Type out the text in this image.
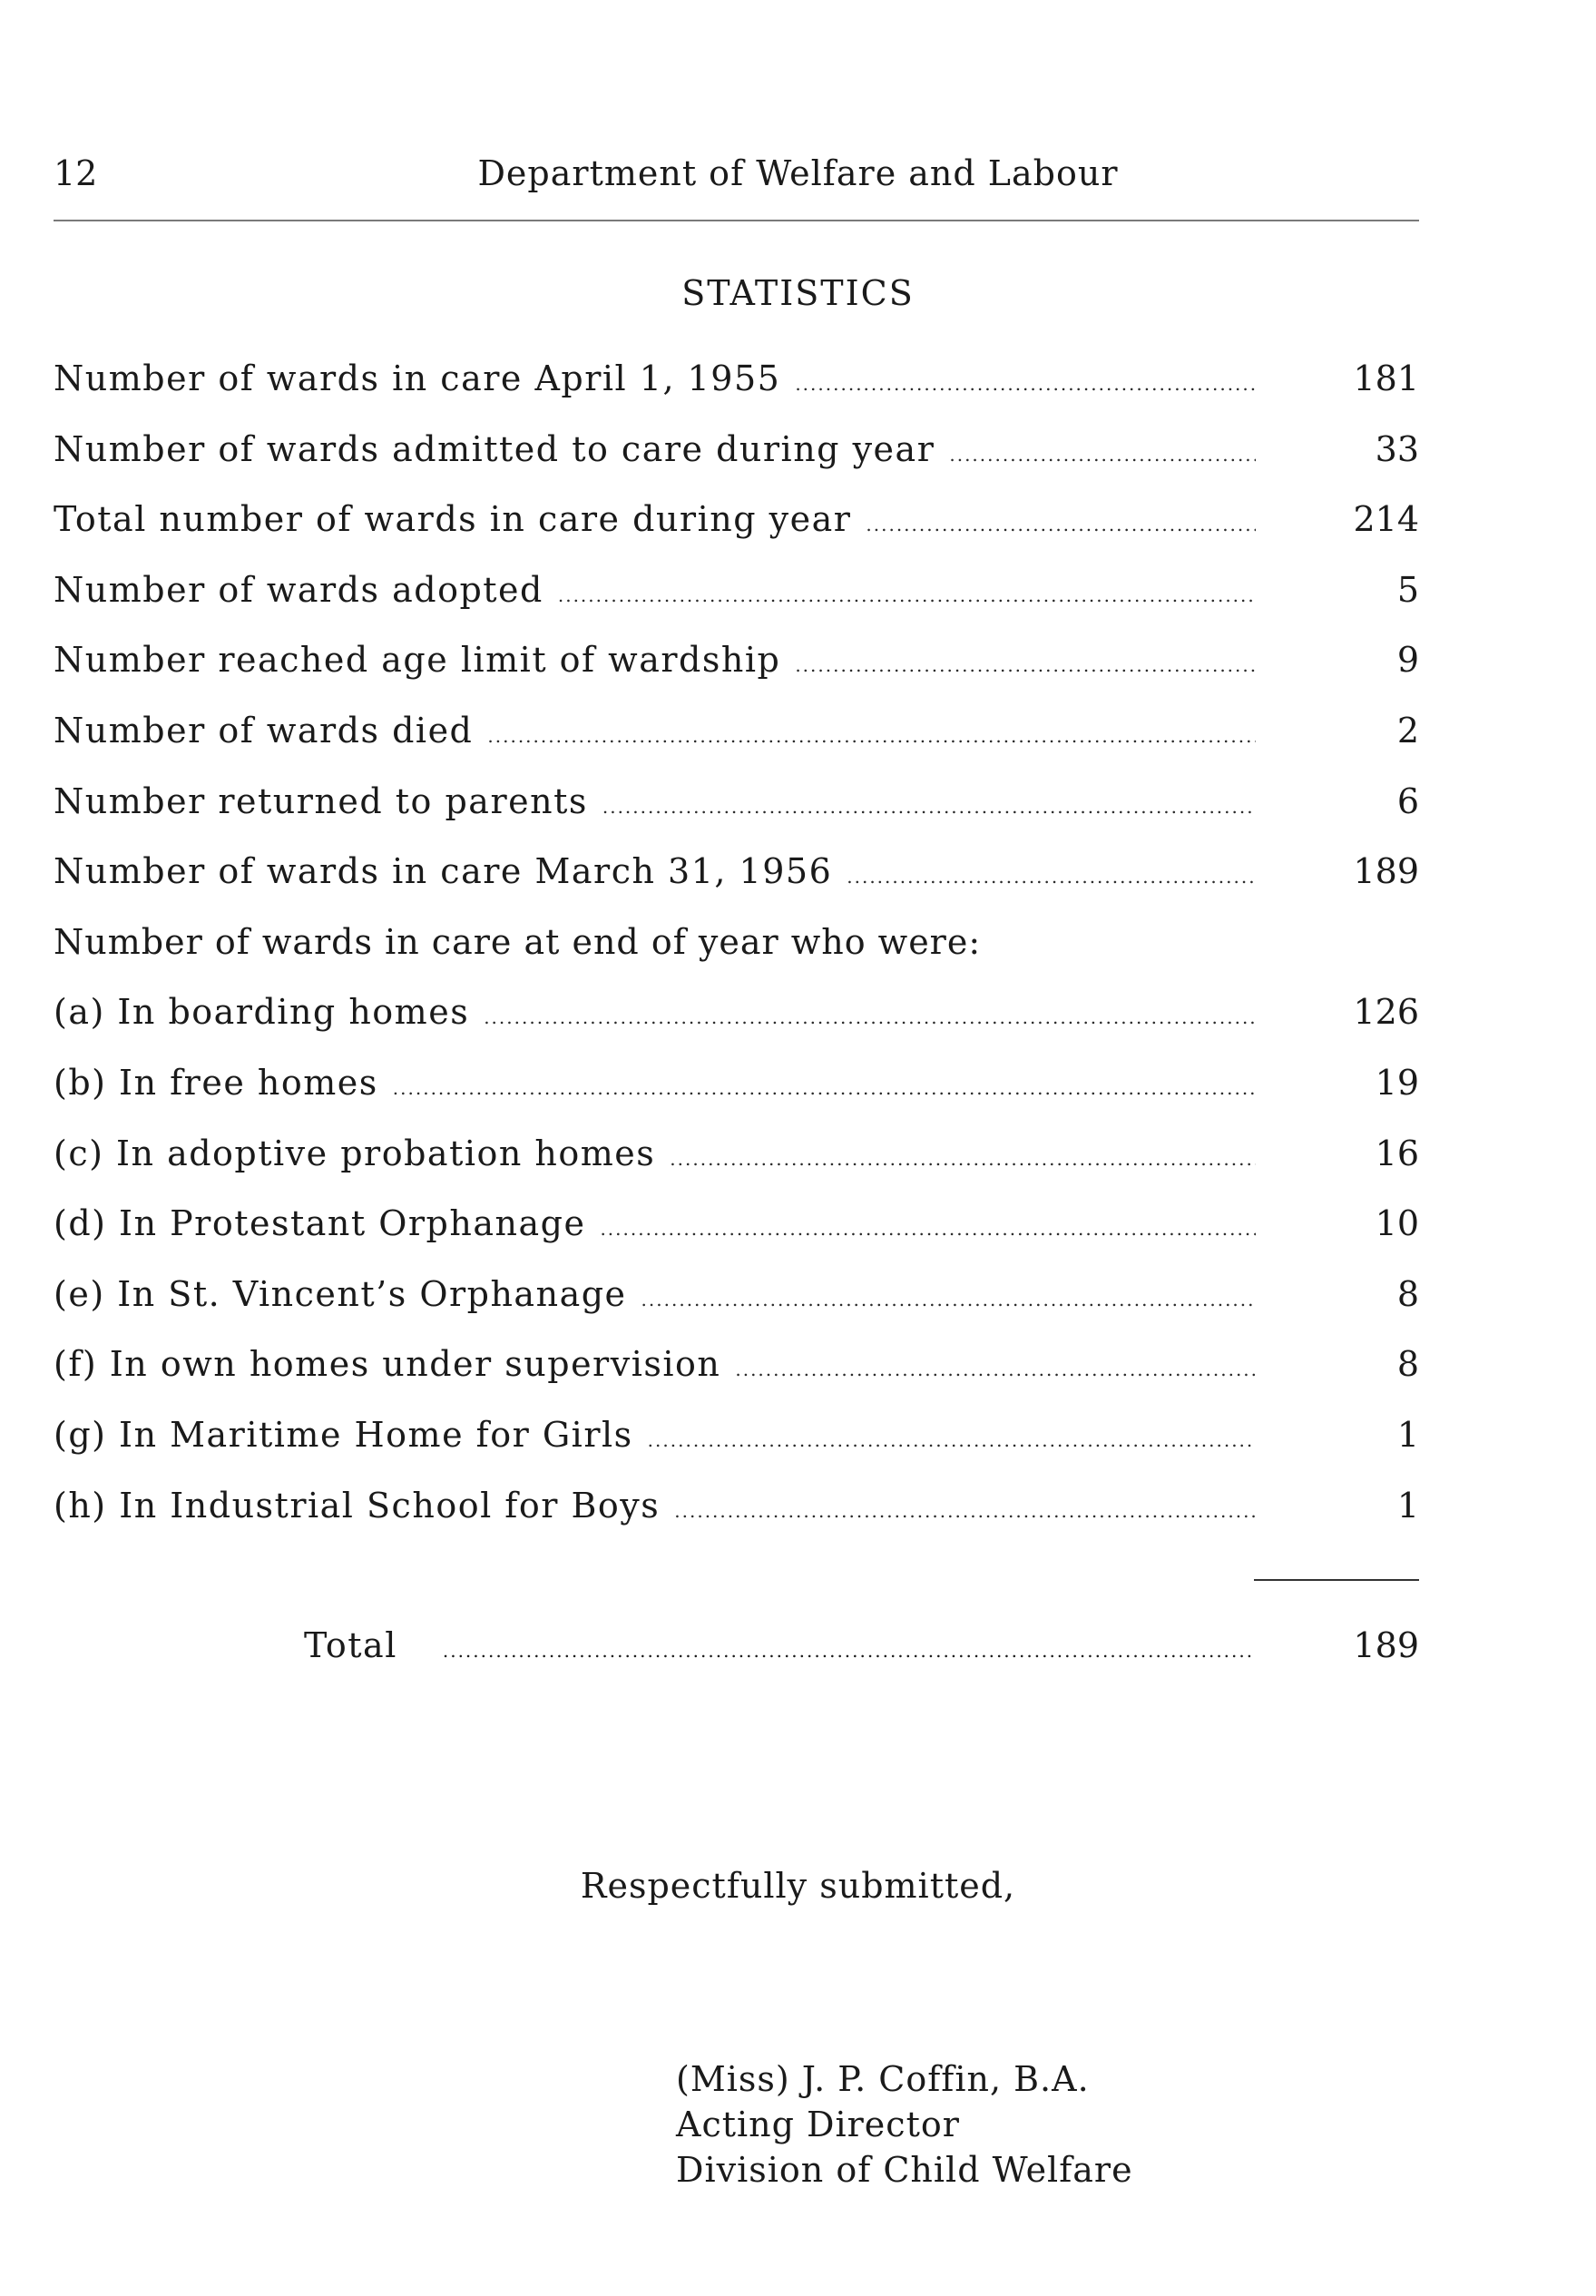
12	Department of Welfare and Labour
STATISTICS
Number of wards in care April 1, 1955 .....	181
Number of wards admitted to care during year .....	33
Total number of wards in care during year .....	214
Number of wards adopted .....	5
Number reached age limit of wardship .....	9
Number of wards died .....	2
Number returned to parents .....	6
Number of wards in care March 31, 1956 .....	189
Number of wards in care at end of year who were:
(a) In boarding homes .....	126
(b) In free homes .....	19
(c) In adoptive probation homes .....	16
(d) In Protestant Orphanage .....	10
(e) In St. Vincent’s Orphanage .....	8
(f) In own homes under supervision .....	8
(g) In Maritime Home for Girls .....	1
(h) In Industrial School for Boys .....	1
Total .....	189
Respectfully submitted,
(Miss) J. P. Coffin, B.A.
Acting Director
Division of Child Welfare
